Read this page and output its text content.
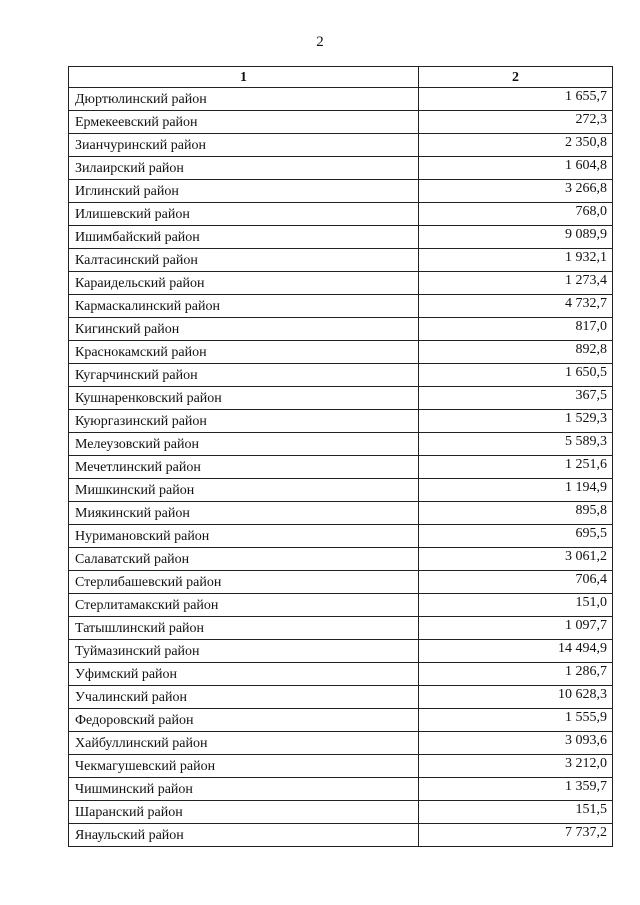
2
1	2
Дюртюлинский район	1 655,7
Ермекеевский район	272,3
Зианчуринский район	2 350,8
Зилаирский район	1 604,8
Иглинский район	3 266,8
Илишевский район	768,0
Ишимбайский район	9 089,9
Калтасинский район	1 932,1
Караидельский район	1 273,4
Кармаскалинский район	4 732,7
Кигинский район	817,0
Краснокамский район	892,8
Кугарчинский район	1 650,5
Кушнаренковский район	367,5
Куюргазинский район	1 529,3
Мелеузовский район	5 589,3
Мечетлинский район	1 251,6
Мишкинский район	1 194,9
Миякинский район	895,8
Нуримановский район	695,5
Салаватский район	3 061,2
Стерлибашевский район	706,4
Стерлитамакский район	151,0
Татышлинский район	1 097,7
Туймазинский район	14 494,9
Уфимский район	1 286,7
Учалинский район	10 628,3
Федоровский район	1 555,9
Хайбуллинский район	3 093,6
Чекмагушевский район	3 212,0
Чишминский район	1 359,7
Шаранский район	151,5
Янаульский район	7 737,2
